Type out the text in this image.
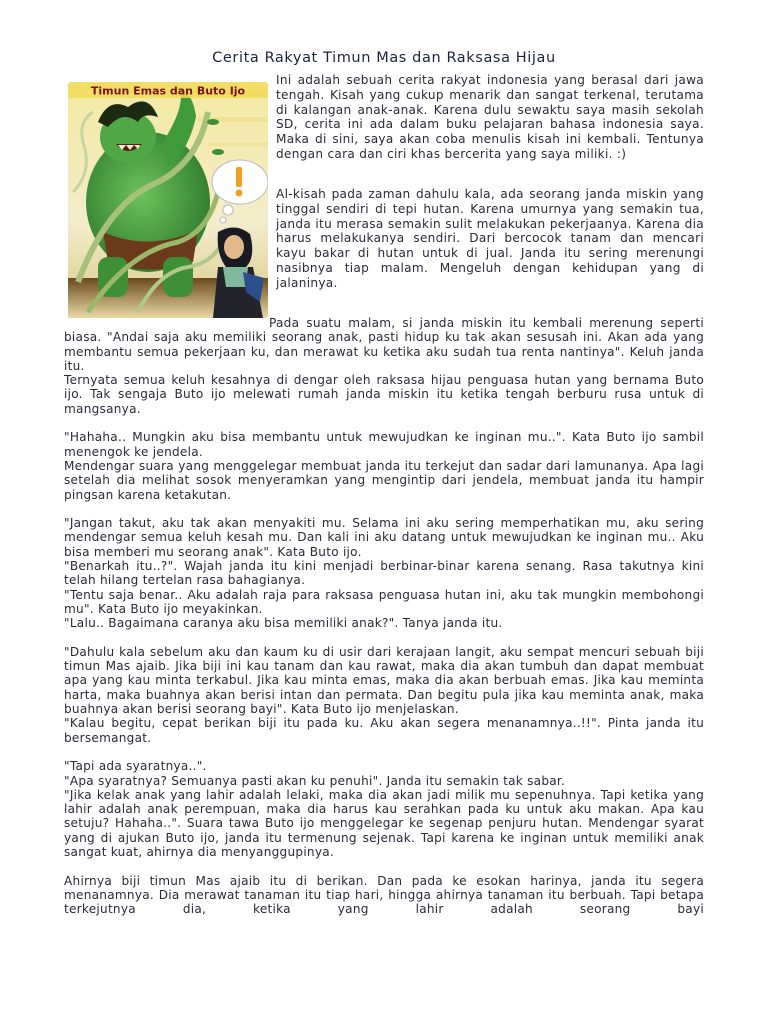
Cerita Rakyat Timun Mas dan Raksasa Hijau
Timun Emas dan Buto Ijo

Ini adalah sebuah cerita rakyat indonesia yang berasal dari jawa tengah. Kisah yang cukup menarik dan sangat terkenal, terutama di kalangan anak-anak. Karena dulu sewaktu saya masih sekolah SD, cerita ini ada dalam buku pelajaran bahasa indonesia saya. Maka di sini, saya akan coba menulis kisah ini kembali. Tentunya dengan cara dan ciri khas bercerita yang saya miliki. :)

Al-kisah pada zaman dahulu kala, ada seorang janda miskin yang tinggal sendiri di tepi hutan. Karena umurnya yang semakin tua, janda itu merasa semakin sulit melakukan pekerjaanya. Karena dia harus melakukanya sendiri. Dari bercocok tanam dan mencari kayu bakar di hutan untuk di jual. Janda itu sering merenungi nasibnya tiap malam. Mengeluh dengan kehidupan yang di jalaninya.

Pada suatu malam, si janda miskin itu kembali merenung seperti biasa. "Andai saja aku memiliki seorang anak, pasti hidup ku tak akan sesusah ini. Akan ada yang membantu semua pekerjaan ku, dan merawat ku ketika aku sudah tua renta nantinya". Keluh janda itu.

Ternyata semua keluh kesahnya di dengar oleh raksasa hijau penguasa hutan yang bernama Buto ijo. Tak sengaja Buto ijo melewati rumah janda miskin itu ketika tengah berburu rusa untuk di mangsanya.

"Hahaha.. Mungkin aku bisa membantu untuk mewujudkan ke inginan mu..". Kata Buto ijo sambil menengok ke jendela.

Mendengar suara yang menggelegar membuat janda itu terkejut dan sadar dari lamunanya. Apa lagi setelah dia melihat sosok menyeramkan yang mengintip dari jendela, membuat janda itu hampir pingsan karena ketakutan.

"Jangan takut, aku tak akan menyakiti mu. Selama ini aku sering memperhatikan mu, aku sering mendengar semua keluh kesah mu. Dan kali ini aku datang untuk mewujudkan ke inginan mu.. Aku bisa memberi mu seorang anak". Kata Buto ijo.

"Benarkah itu..?". Wajah janda itu kini menjadi berbinar-binar karena senang. Rasa takutnya kini telah hilang tertelan rasa bahagianya.

"Tentu saja benar.. Aku adalah raja para raksasa penguasa hutan ini, aku tak mungkin membohongi mu". Kata Buto ijo meyakinkan.

"Lalu.. Bagaimana caranya aku bisa memiliki anak?". Tanya janda itu.

"Dahulu kala sebelum aku dan kaum ku di usir dari kerajaan langit, aku sempat mencuri sebuah biji timun Mas ajaib. Jika biji ini kau tanam dan kau rawat, maka dia akan tumbuh dan dapat membuat apa yang kau minta terkabul. Jika kau minta emas, maka dia akan berbuah emas. Jika kau meminta harta, maka buahnya akan berisi intan dan permata. Dan begitu pula jika kau meminta anak, maka buahnya akan berisi seorang bayi". Kata Buto ijo menjelaskan.

"Kalau begitu, cepat berikan biji itu pada ku. Aku akan segera menanamnya..!!". Pinta janda itu bersemangat.

"Tapi ada syaratnya..".

"Apa syaratnya? Semuanya pasti akan ku penuhi". Janda itu semakin tak sabar.

"Jika kelak anak yang lahir adalah lelaki, maka dia akan jadi milik mu sepenuhnya. Tapi ketika yang lahir adalah anak perempuan, maka dia harus kau serahkan pada ku untuk aku makan. Apa kau setuju? Hahaha..". Suara tawa Buto ijo menggelegar ke segenap penjuru hutan. Mendengar syarat yang di ajukan Buto ijo, janda itu termenung sejenak. Tapi karena ke inginan untuk memiliki anak sangat kuat, ahirnya dia menyanggupinya.

Ahirnya biji timun Mas ajaib itu di berikan. Dan pada ke esokan harinya, janda itu segera menanamnya. Dia merawat tanaman itu tiap hari, hingga ahirnya tanaman itu berbuah. Tapi betapa terkejutnya dia, ketika yang lahir adalah seorang bayi
